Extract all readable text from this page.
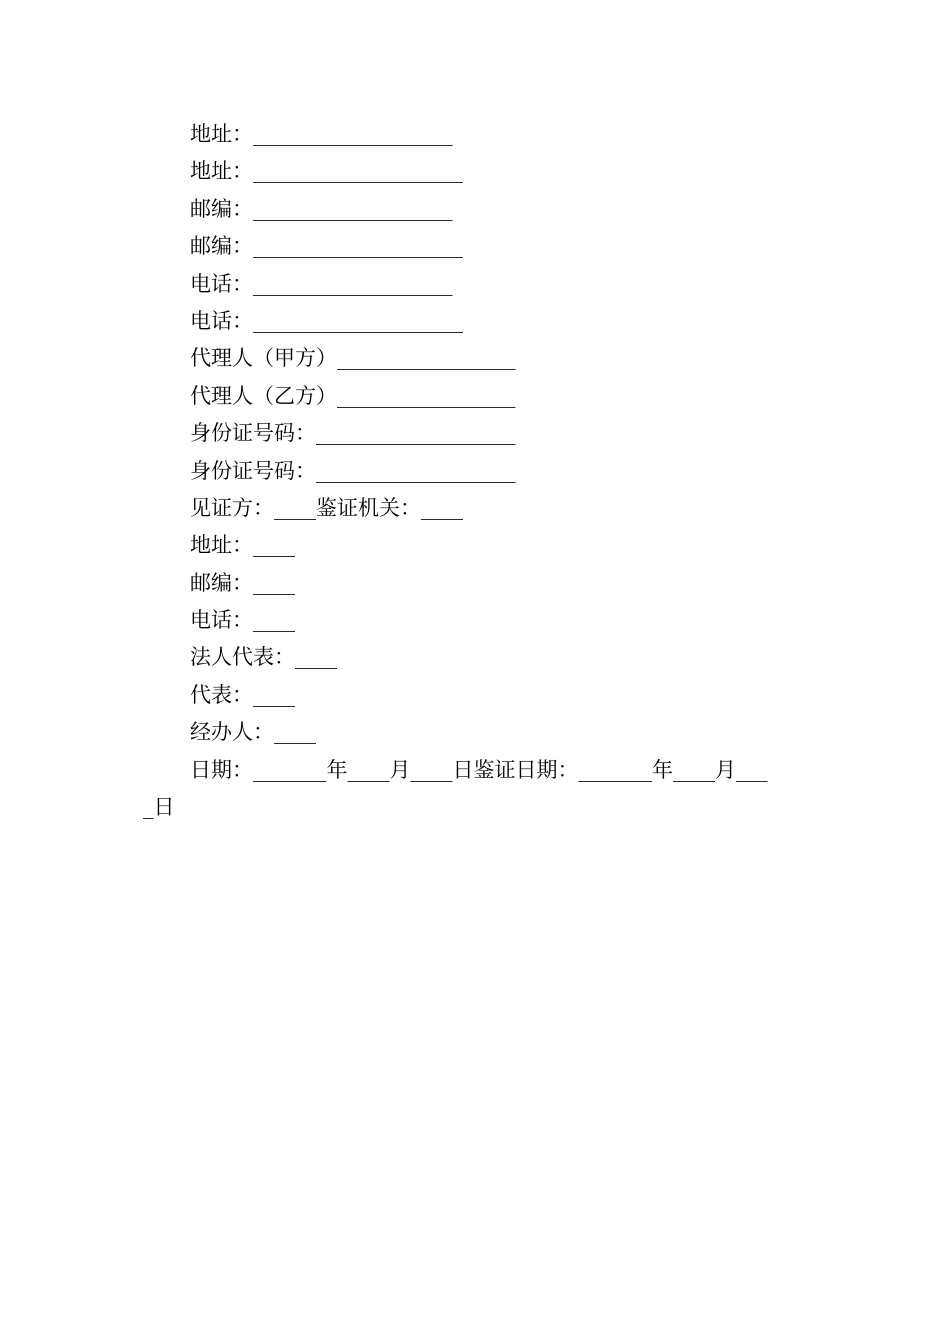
地址：___________________
地址：____________________
邮编：___________________
邮编：____________________
电话：___________________
电话：____________________
代理人（甲方）_________________
代理人（乙方）_________________
身份证号码：___________________
身份证号码：___________________
见证方：____鉴证机关：____
地址：____
邮编：____
电话：____
法人代表：____
代表：____
经办人：____
日期：_______年____月____日鉴证日期：_______年____月___
_日
